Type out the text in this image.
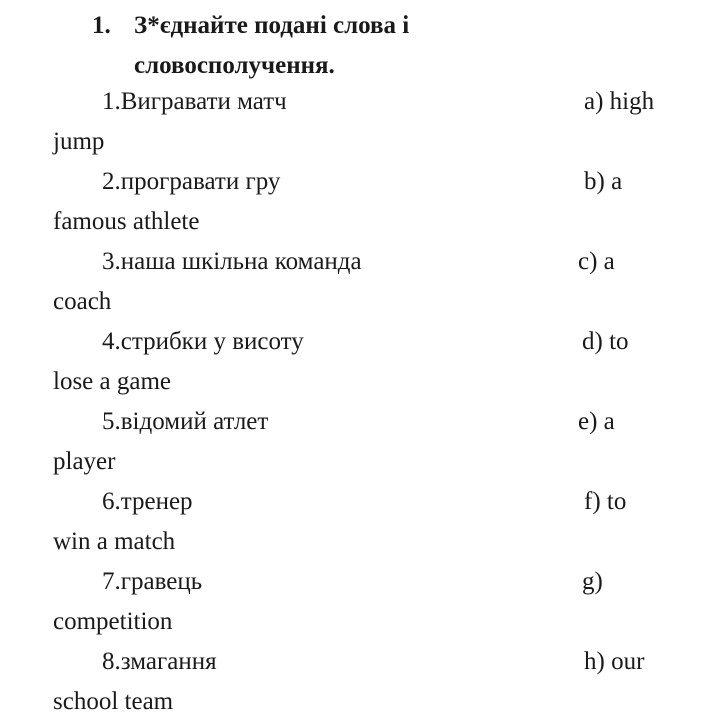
1. З*єднайте подані слова і
словосполучення.
1.Вигравати матч	a) high
jump
2.програвати гру	b) a
famous athlete
3.наша шкільна команда	c) a
coach
4.стрибки у висоту	d) to
lose a game
5.відомий атлет	e) a
player
6.тренер	f) to
win a match
7.гравець	g)
competition
8.змагання	h) our
school team
